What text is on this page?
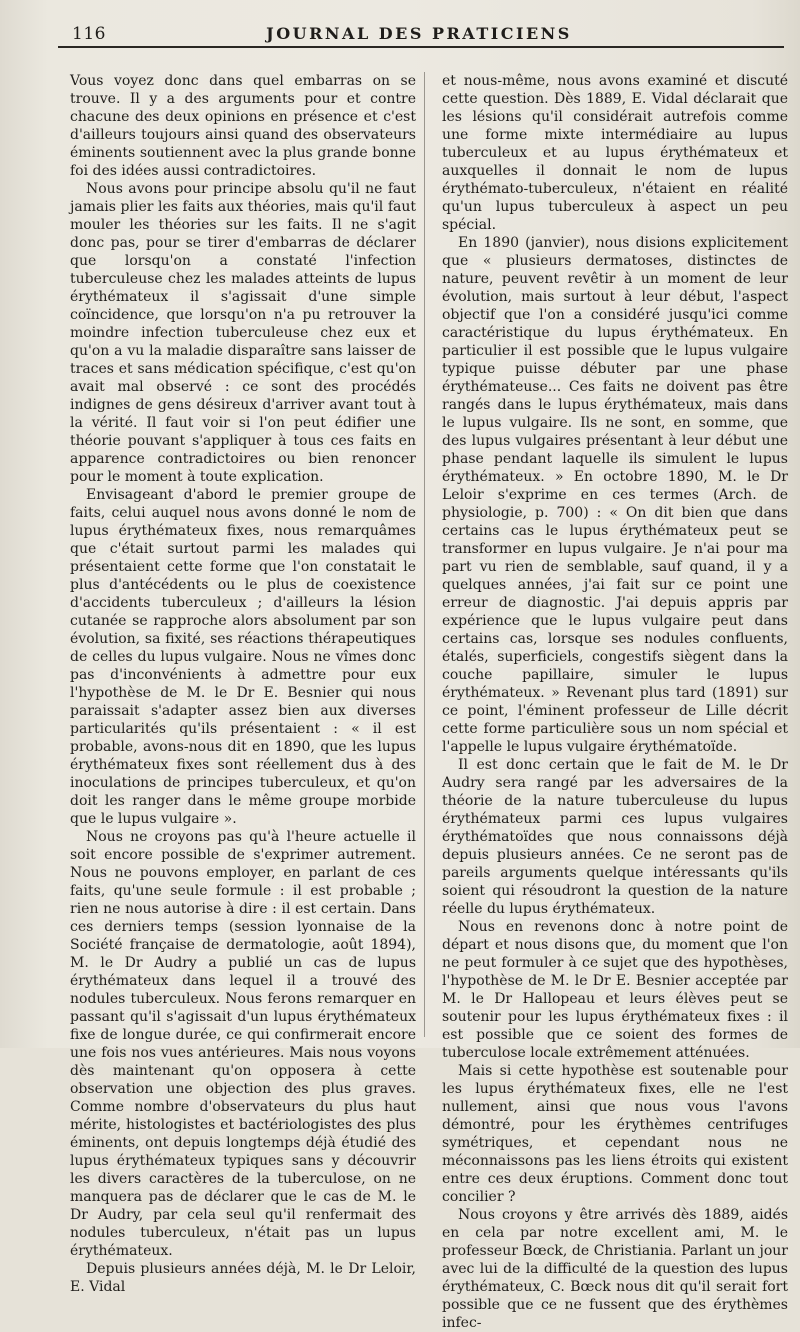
116	JOURNAL DES PRATICIENS

Vous voyez donc dans quel embarras on se trouve. Il y a des arguments pour et contre chacune des deux opinions en présence et c'est d'ailleurs toujours ainsi quand des observateurs éminents soutiennent avec la plus grande bonne foi des idées aussi contradictoires.

Nous avons pour principe absolu qu'il ne faut jamais plier les faits aux théories, mais qu'il faut mouler les théories sur les faits. Il ne s'agit donc pas, pour se tirer d'embarras de déclarer que lorsqu'on a constaté l'infection tuberculeuse chez les malades atteints de lupus érythémateux il s'agissait d'une simple coïncidence, que lorsqu'on n'a pu retrouver la moindre infection tuberculeuse chez eux et qu'on a vu la maladie disparaître sans laisser de traces et sans médication spécifique, c'est qu'on avait mal observé : ce sont des procédés indignes de gens désireux d'arriver avant tout à la vérité. Il faut voir si l'on peut édifier une théorie pouvant s'appliquer à tous ces faits en apparence contradictoires ou bien renoncer pour le moment à toute explication.

Envisageant d'abord le premier groupe de faits, celui auquel nous avons donné le nom de lupus érythémateux fixes, nous remarquâmes que c'était surtout parmi les malades qui présentaient cette forme que l'on constatait le plus d'antécédents ou le plus de coexistence d'accidents tuberculeux ; d'ailleurs la lésion cutanée se rapproche alors absolument par son évolution, sa fixité, ses réactions thérapeutiques de celles du lupus vulgaire. Nous ne vîmes donc pas d'inconvénients à admettre pour eux l'hypothèse de M. le Dr E. Besnier qui nous paraissait s'adapter assez bien aux diverses particularités qu'ils présentaient : « il est probable, avons-nous dit en 1890, que les lupus érythémateux fixes sont réellement dus à des inoculations de principes tuberculeux, et qu'on doit les ranger dans le même groupe morbide que le lupus vulgaire ».

Nous ne croyons pas qu'à l'heure actuelle il soit encore possible de s'exprimer autrement. Nous ne pouvons employer, en parlant de ces faits, qu'une seule formule : il est probable ; rien ne nous autorise à dire : il est certain. Dans ces derniers temps (session lyonnaise de la Société française de dermatologie, août 1894), M. le Dr Audry a publié un cas de lupus érythémateux dans lequel il a trouvé des nodules tuberculeux. Nous ferons remarquer en passant qu'il s'agissait d'un lupus érythémateux fixe de longue durée, ce qui confirmerait encore une fois nos vues antérieures. Mais nous voyons dès maintenant qu'on opposera à cette observation une objection des plus graves. Comme nombre d'observateurs du plus haut mérite, histologistes et bactériologistes des plus éminents, ont depuis longtemps déjà étudié des lupus érythémateux typiques sans y découvrir les divers caractères de la tuberculose, on ne manquera pas de déclarer que le cas de M. le Dr Audry, par cela seul qu'il renfermait des nodules tuberculeux, n'était pas un lupus érythémateux.

Depuis plusieurs années déjà, M. le Dr Leloir, E. Vidal

et nous-même, nous avons examiné et discuté cette question. Dès 1889, E. Vidal déclarait que les lésions qu'il considérait autrefois comme une forme mixte intermédiaire au lupus tuberculeux et au lupus érythémateux et auxquelles il donnait le nom de lupus érythémato-tuberculeux, n'étaient en réalité qu'un lupus tuberculeux à aspect un peu spécial.

En 1890 (janvier), nous disions explicitement que « plusieurs dermatoses, distinctes de nature, peuvent revêtir à un moment de leur évolution, mais surtout à leur début, l'aspect objectif que l'on a considéré jusqu'ici comme caractéristique du lupus érythémateux. En particulier il est possible que le lupus vulgaire typique puisse débuter par une phase érythémateuse... Ces faits ne doivent pas être rangés dans le lupus érythémateux, mais dans le lupus vulgaire. Ils ne sont, en somme, que des lupus vulgaires présentant à leur début une phase pendant laquelle ils simulent le lupus érythémateux. » En octobre 1890, M. le Dr Leloir s'exprime en ces termes (Arch. de physiologie, p. 700) : « On dit bien que dans certains cas le lupus érythémateux peut se transformer en lupus vulgaire. Je n'ai pour ma part vu rien de semblable, sauf quand, il y a quelques années, j'ai fait sur ce point une erreur de diagnostic. J'ai depuis appris par expérience que le lupus vulgaire peut dans certains cas, lorsque ses nodules confluents, étalés, superficiels, congestifs siègent dans la couche papillaire, simuler le lupus érythémateux. » Revenant plus tard (1891) sur ce point, l'éminent professeur de Lille décrit cette forme particulière sous un nom spécial et l'appelle le lupus vulgaire érythématoïde.

Il est donc certain que le fait de M. le Dr Audry sera rangé par les adversaires de la théorie de la nature tuberculeuse du lupus érythémateux parmi ces lupus vulgaires érythématoïdes que nous connaissons déjà depuis plusieurs années. Ce ne seront pas de pareils arguments quelque intéressants qu'ils soient qui résoudront la question de la nature réelle du lupus érythémateux.

Nous en revenons donc à notre point de départ et nous disons que, du moment que l'on ne peut formuler à ce sujet que des hypothèses, l'hypothèse de M. le Dr E. Besnier acceptée par M. le Dr Hallopeau et leurs élèves peut se soutenir pour les lupus érythémateux fixes : il est possible que ce soient des formes de tuberculose locale extrêmement atténuées.

Mais si cette hypothèse est soutenable pour les lupus érythémateux fixes, elle ne l'est nullement, ainsi que nous vous l'avons démontré, pour les érythèmes centrifuges symétriques, et cependant nous ne méconnaissons pas les liens étroits qui existent entre ces deux éruptions. Comment donc tout concilier ?

Nous croyons y être arrivés dès 1889, aidés en cela par notre excellent ami, M. le professeur Bœck, de Christiania. Parlant un jour avec lui de la difficulté de la question des lupus érythémateux, C. Bœck nous dit qu'il serait fort possible que ce ne fussent que des érythèmes infec-
